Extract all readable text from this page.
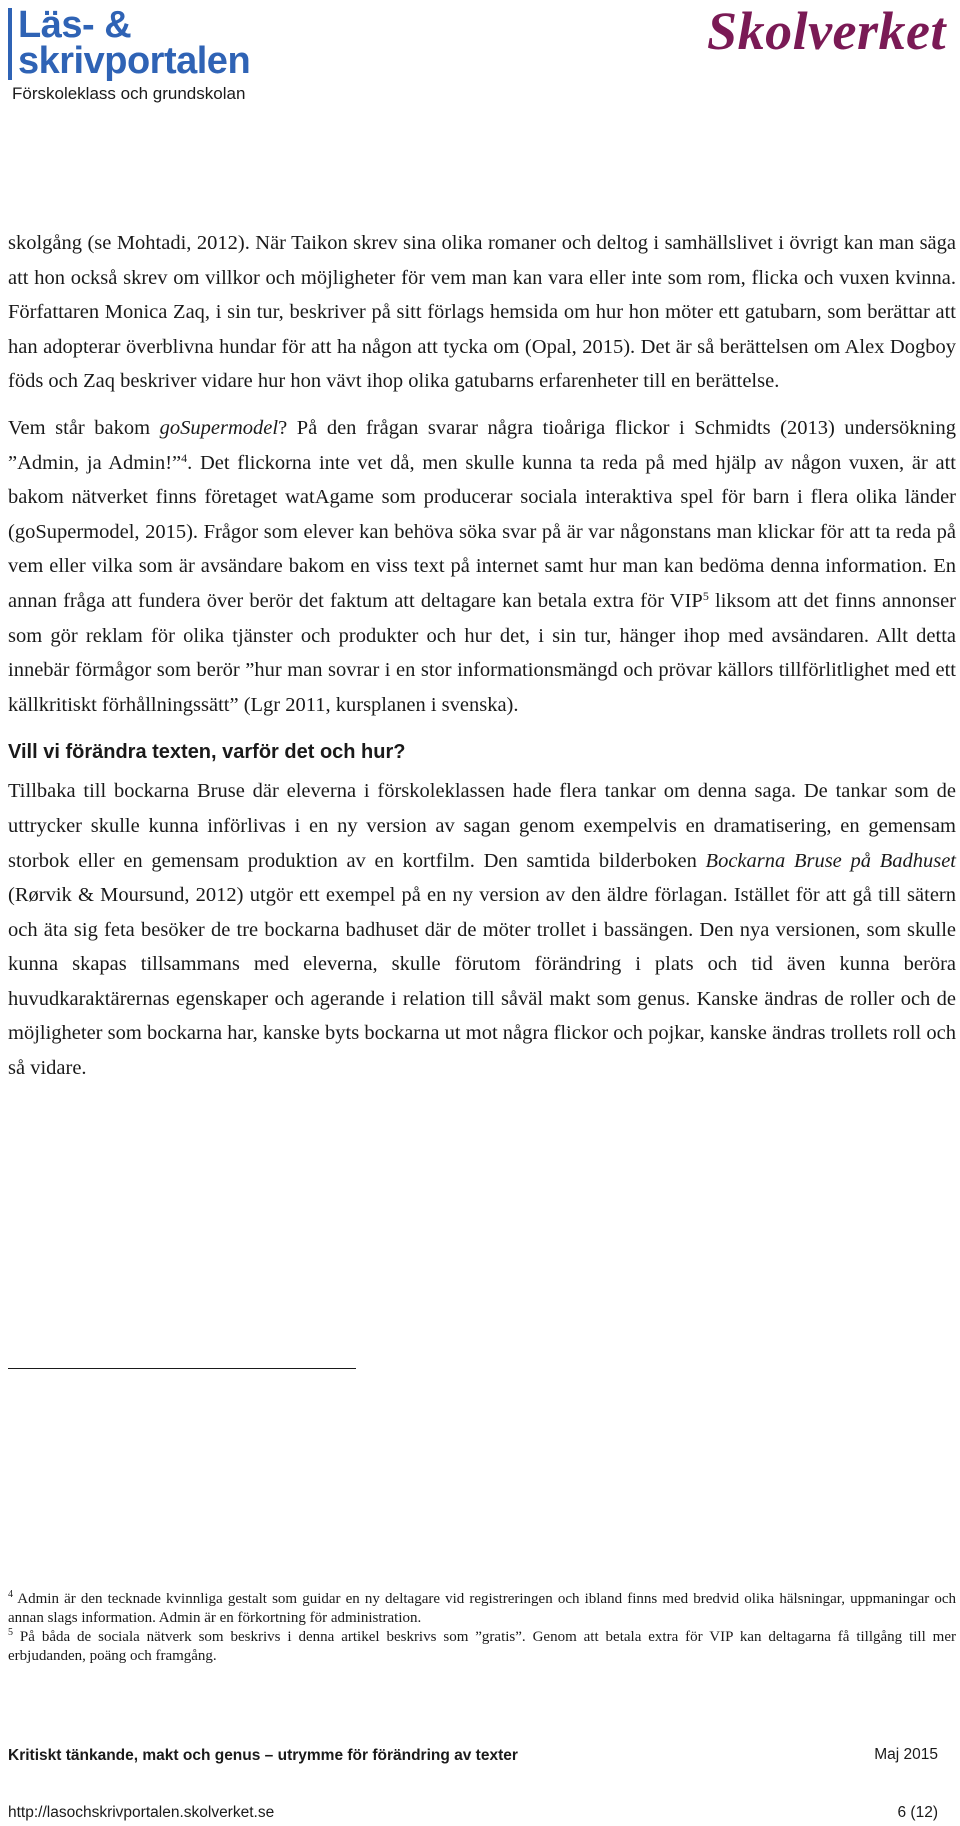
Läs- &
skrivportalen
Förskoleklass och grundskolan
Skolverket

skolgång (se Mohtadi, 2012). När Taikon skrev sina olika romaner och deltog i samhällslivet i övrigt kan man säga att hon också skrev om villkor och möjligheter för vem man kan vara eller inte som rom, flicka och vuxen kvinna. Författaren Monica Zaq, i sin tur, beskriver på sitt förlags hemsida om hur hon möter ett gatubarn, som berättar att han adopterar överblivna hundar för att ha någon att tycka om (Opal, 2015). Det är så berättelsen om Alex Dogboy föds och Zaq beskriver vidare hur hon vävt ihop olika gatubarns erfarenheter till en berättelse.

Vem står bakom goSupermodel? På den frågan svarar några tioåriga flickor i Schmidts (2013) undersökning ”Admin, ja Admin!”$^4$. Det flickorna inte vet då, men skulle kunna ta reda på med hjälp av någon vuxen, är att bakom nätverket finns företaget watAgame som producerar sociala interaktiva spel för barn i flera olika länder (goSupermodel, 2015). Frågor som elever kan behöva söka svar på är var någonstans man klickar för att ta reda på vem eller vilka som är avsändare bakom en viss text på internet samt hur man kan bedöma denna information. En annan fråga att fundera över berör det faktum att deltagare kan betala extra för VIP$^5$ liksom att det finns annonser som gör reklam för olika tjänster och produkter och hur det, i sin tur, hänger ihop med avsändaren. Allt detta innebär förmågor som berör ”hur man sovrar i en stor informationsmängd och prövar källors tillförlitlighet med ett källkritiskt förhållningssätt” (Lgr 2011, kursplanen i svenska).

Vill vi förändra texten, varför det och hur?

Tillbaka till bockarna Bruse där eleverna i förskoleklassen hade flera tankar om denna saga. De tankar som de uttrycker skulle kunna införlivas i en ny version av sagan genom exempelvis en dramatisering, en gemensam storbok eller en gemensam produktion av en kortfilm. Den samtida bilderboken Bockarna Bruse på Badhuset (Rørvik & Moursund, 2012) utgör ett exempel på en ny version av den äldre förlagan. Istället för att gå till sätern och äta sig feta besöker de tre bockarna badhuset där de möter trollet i bassängen. Den nya versionen, som skulle kunna skapas tillsammans med eleverna, skulle förutom förändring i plats och tid även kunna beröra huvudkaraktärernas egenskaper och agerande i relation till såväl makt som genus. Kanske ändras de roller och de möjligheter som bockarna har, kanske byts bockarna ut mot några flickor och pojkar, kanske ändras trollets roll och så vidare.

$^4$ Admin är den tecknade kvinnliga gestalt som guidar en ny deltagare vid registreringen och ibland finns med bredvid olika hälsningar, uppmaningar och annan slags information. Admin är en förkortning för administration.

$^5$ På båda de sociala nätverk som beskrivs i denna artikel beskrivs som ”gratis”. Genom att betala extra för VIP kan deltagarna få tillgång till mer erbjudanden, poäng och framgång.

Kritiskt tänkande, makt och genus – utrymme för förändring av texter	Maj 2015
http://lasochskrivportalen.skolverket.se	6 (12)
